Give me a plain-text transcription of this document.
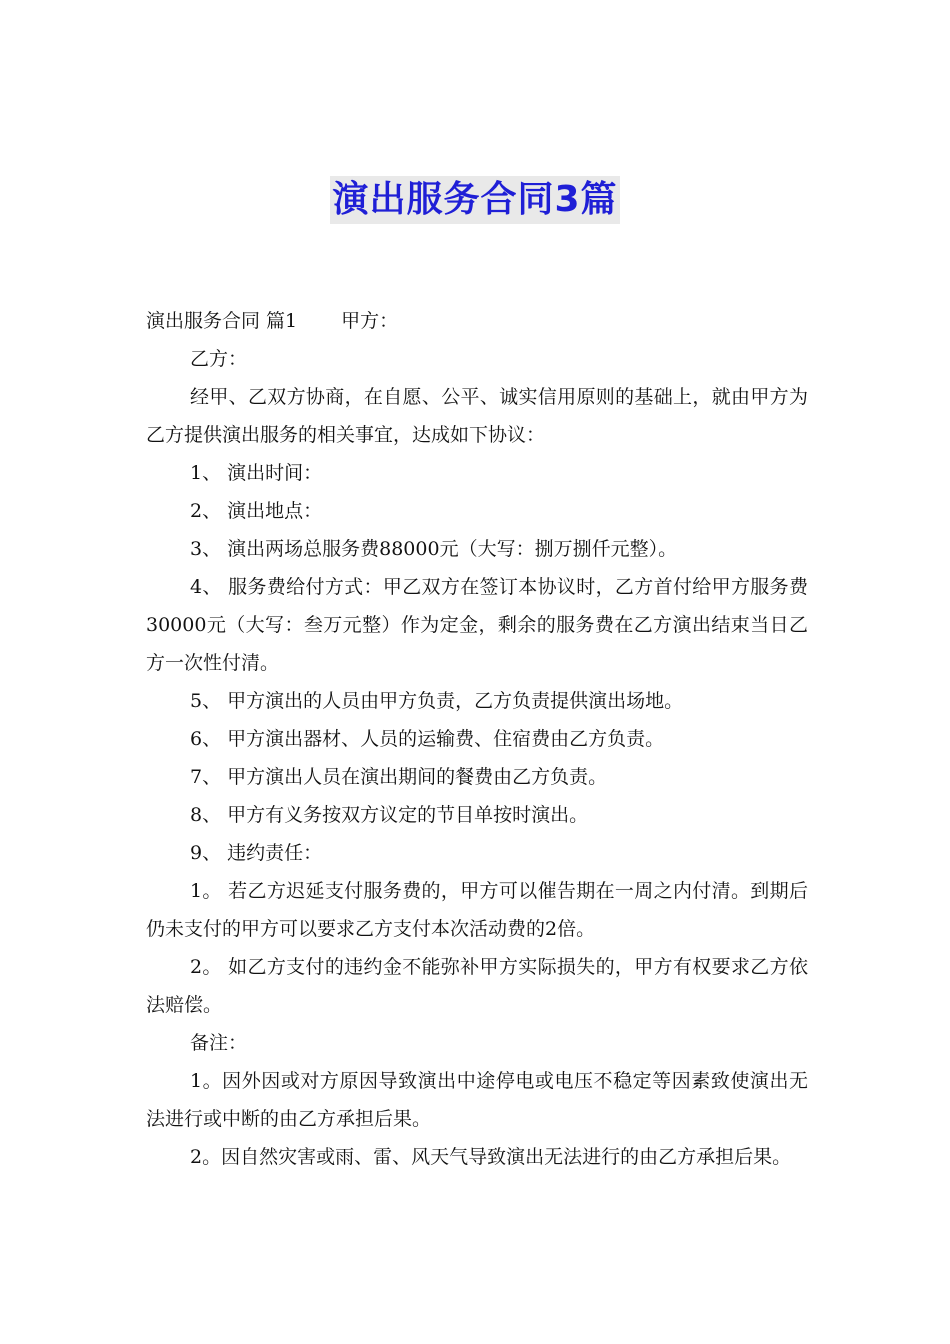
演出服务合同3篇

演出服务合同 篇1 甲方：

乙方：

经甲、乙双方协商，在自愿、公平、诚实信用原则的基础上，就由甲方为乙方提供演出服务的相关事宜，达成如下协议：

1、 演出时间：

2、 演出地点：

3、 演出两场总服务费88000元（大写：捌万捌仟元整）。

4、 服务费给付方式：甲乙双方在签订本协议时，乙方首付给甲方服务费30000元（大写：叁万元整）作为定金，剩余的服务费在乙方演出结束当日乙方一次性付清。

5、 甲方演出的人员由甲方负责，乙方负责提供演出场地。

6、 甲方演出器材、人员的运输费、住宿费由乙方负责。

7、 甲方演出人员在演出期间的餐费由乙方负责。

8、 甲方有义务按双方议定的节目单按时演出。

9、 违约责任：

1。 若乙方迟延支付服务费的，甲方可以催告期在一周之内付清。到期后仍未支付的甲方可以要求乙方支付本次活动费的2倍。

2。 如乙方支付的违约金不能弥补甲方实际损失的，甲方有权要求乙方依法赔偿。

备注：

1。因外因或对方原因导致演出中途停电或电压不稳定等因素致使演出无法进行或中断的由乙方承担后果。

2。因自然灾害或雨、雷、风天气导致演出无法进行的由乙方承担后果。
